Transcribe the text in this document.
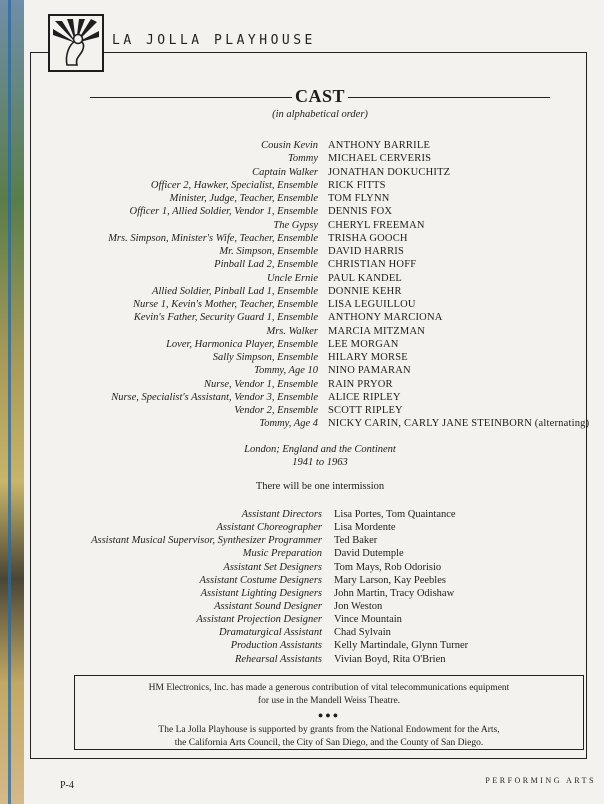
LA JOLLA PLAYHOUSE
CAST
(in alphabetical order)
Cousin Kevin ANTHONY BARRILE
Tommy MICHAEL CERVERIS
Captain Walker JONATHAN DOKUCHITZ
Officer 2, Hawker, Specialist, Ensemble RICK FITTS
Minister, Judge, Teacher, Ensemble TOM FLYNN
Officer 1, Allied Soldier, Vendor 1, Ensemble DENNIS FOX
The Gypsy CHERYL FREEMAN
Mrs. Simpson, Minister's Wife, Teacher, Ensemble TRISHA GOOCH
Mr. Simpson, Ensemble DAVID HARRIS
Pinball Lad 2, Ensemble CHRISTIAN HOFF
Uncle Ernie PAUL KANDEL
Allied Soldier, Pinball Lad 1, Ensemble DONNIE KEHR
Nurse 1, Kevin's Mother, Teacher, Ensemble LISA LEGUILLOU
Kevin's Father, Security Guard 1, Ensemble ANTHONY MARCIONA
Mrs. Walker MARCIA MITZMAN
Lover, Harmonica Player, Ensemble LEE MORGAN
Sally Simpson, Ensemble HILARY MORSE
Tommy, Age 10 NINO PAMARAN
Nurse, Vendor 1, Ensemble RAIN PRYOR
Nurse, Specialist's Assistant, Vendor 3, Ensemble ALICE RIPLEY
Vendor 2, Ensemble SCOTT RIPLEY
Tommy, Age 4 NICKY CARIN, CARLY JANE STEINBORN (alternating)
London; England and the Continent
1941 to 1963
There will be one intermission
Assistant Directors Lisa Portes, Tom Quaintance
Assistant Choreographer Lisa Mordente
Assistant Musical Supervisor, Synthesizer Programmer Ted Baker
Music Preparation David Dutemple
Assistant Set Designers Tom Mays, Rob Odorisio
Assistant Costume Designers Mary Larson, Kay Peebles
Assistant Lighting Designers John Martin, Tracy Odishaw
Assistant Sound Designer Jon Weston
Assistant Projection Designer Vince Mountain
Dramaturgical Assistant Chad Sylvain
Production Assistants Kelly Martindale, Glynn Turner
Rehearsal Assistants Vivian Boyd, Rita O'Brien
HM Electronics, Inc. has made a generous contribution of vital telecommunications equipment
for use in the Mandell Weiss Theatre.
●●●
The La Jolla Playhouse is supported by grants from the National Endowment for the Arts,
the California Arts Council, the City of San Diego, and the County of San Diego.
P-4	PERFORMING ARTS
